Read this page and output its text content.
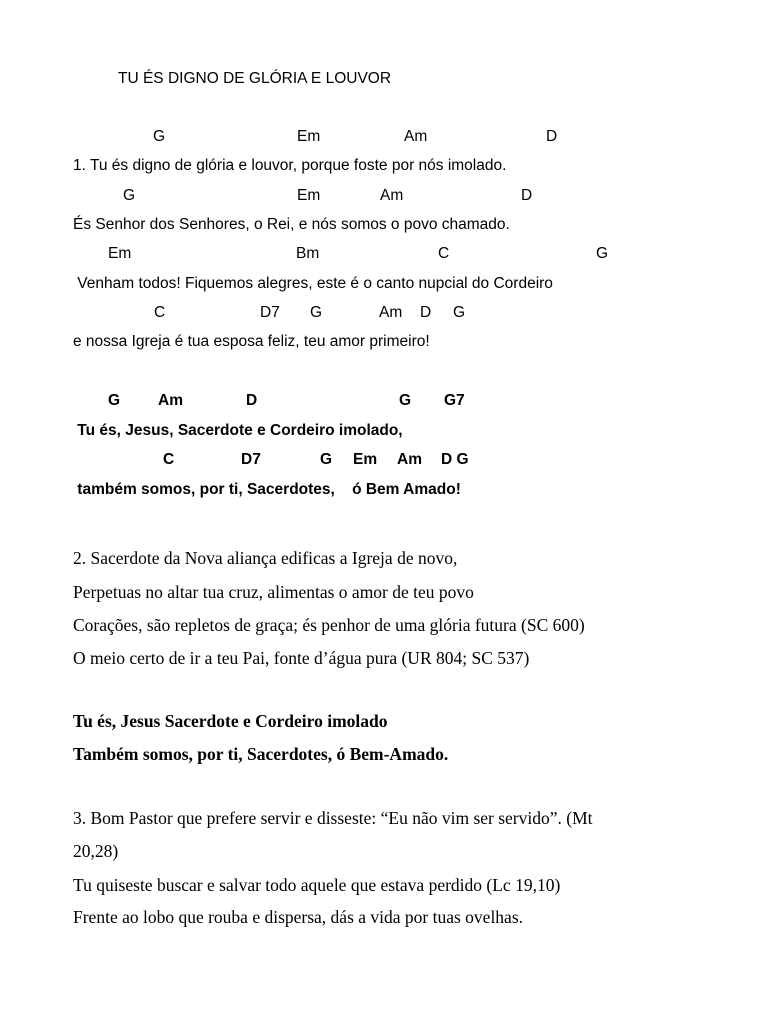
TU ÉS DIGNO DE GLÓRIA E LOUVOR
G	Em	Am	D
1. Tu és digno de glória e louvor, porque foste por nós imolado.
G	Em	Am	D
És Senhor dos Senhores, o Rei, e nós somos o povo chamado.
Em	Bm	C	G
Venham todos! Fiquemos alegres, este é o canto nupcial do Cordeiro
C	D7 G	Am D G
e nossa Igreja é tua esposa feliz, teu amor primeiro!
G Am	D	G G7
Tu és, Jesus, Sacerdote e Cordeiro imolado,
C	D7	G Em Am D G
também somos, por ti, Sacerdotes,    ó Bem Amado!
2. Sacerdote da Nova aliança edificas a Igreja de novo,
Perpetuas no altar tua cruz, alimentas o amor de teu povo
Corações, são repletos de graça; és penhor de uma glória futura (SC 600)
O meio certo de ir a teu Pai, fonte d’água pura (UR 804; SC 537)
Tu és, Jesus Sacerdote e Cordeiro imolado
Também somos, por ti, Sacerdotes, ó Bem-Amado.
3. Bom Pastor que prefere servir e disseste: “Eu não vim ser servido”. (Mt
20,28)
Tu quiseste buscar e salvar todo aquele que estava perdido (Lc 19,10)
Frente ao lobo que rouba e dispersa, dás a vida por tuas ovelhas.
